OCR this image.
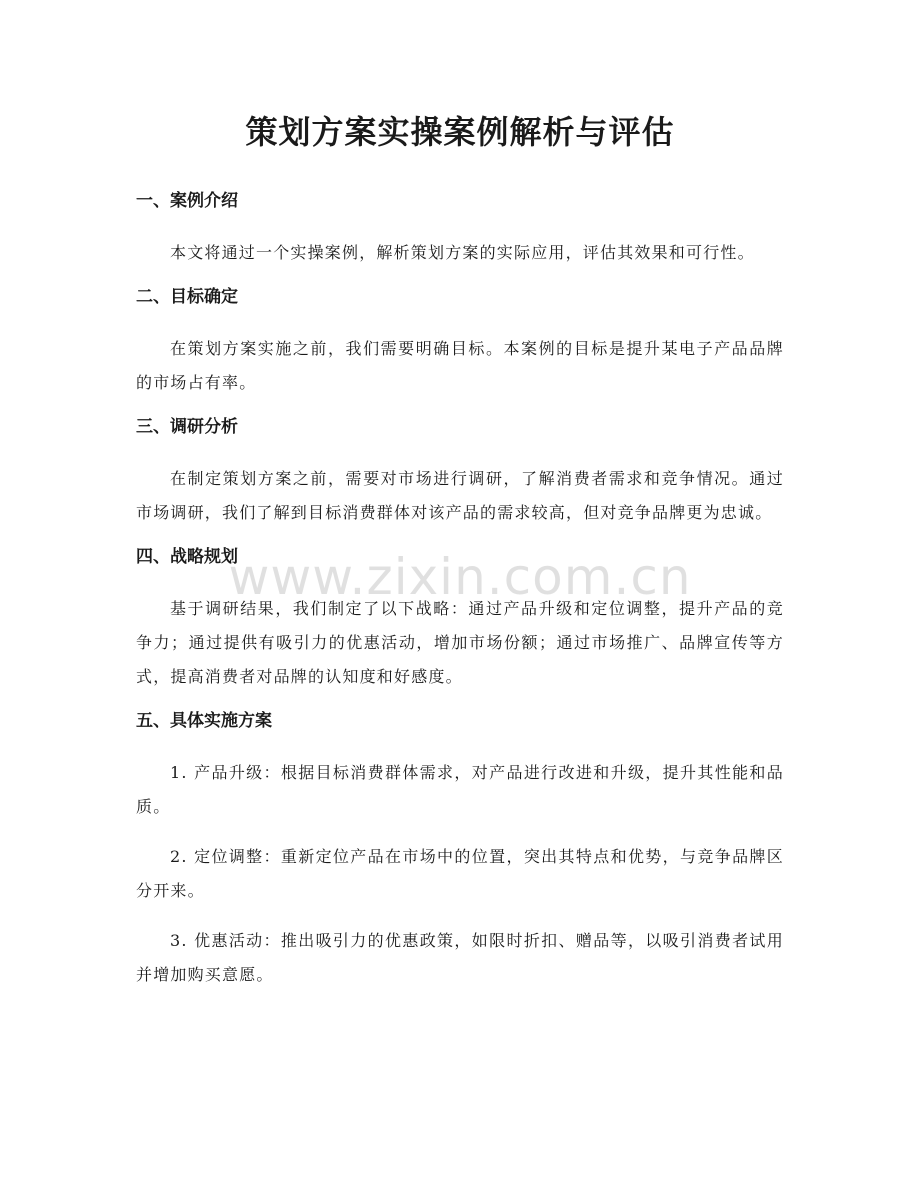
策划方案实操案例解析与评估
一、案例介绍

本文将通过一个实操案例，解析策划方案的实际应用，评估其效果和可行性。

二、目标确定

在策划方案实施之前，我们需要明确目标。本案例的目标是提升某电子产品品牌的市场占有率。

三、调研分析

在制定策划方案之前，需要对市场进行调研，了解消费者需求和竞争情况。通过市场调研，我们了解到目标消费群体对该产品的需求较高，但对竞争品牌更为忠诚。

四、战略规划

基于调研结果，我们制定了以下战略：通过产品升级和定位调整，提升产品的竞争力；通过提供有吸引力的优惠活动，增加市场份额；通过市场推广、品牌宣传等方式，提高消费者对品牌的认知度和好感度。

五、具体实施方案

1. 产品升级：根据目标消费群体需求，对产品进行改进和升级，提升其性能和品质。

2. 定位调整：重新定位产品在市场中的位置，突出其特点和优势，与竞争品牌区分开来。

3. 优惠活动：推出吸引力的优惠政策，如限时折扣、赠品等，以吸引消费者试用并增加购买意愿。

www.zixin.com.cn
